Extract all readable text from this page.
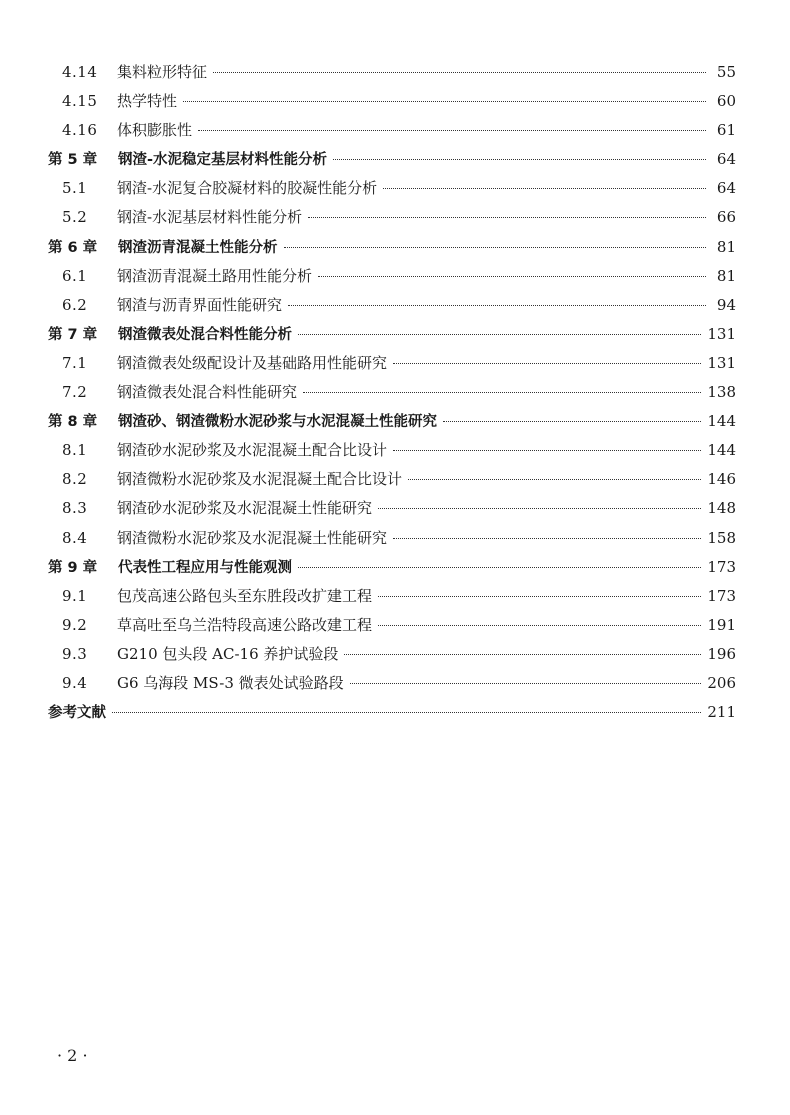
4.14	集料粒形特征	55
4.15	热学特性	60
4.16	体积膨胀性	61
第 5 章	钢渣-水泥稳定基层材料性能分析	64
5.1	钢渣-水泥复合胶凝材料的胶凝性能分析	64
5.2	钢渣-水泥基层材料性能分析	66
第 6 章	钢渣沥青混凝土性能分析	81
6.1	钢渣沥青混凝土路用性能分析	81
6.2	钢渣与沥青界面性能研究	94
第 7 章	钢渣微表处混合料性能分析	131
7.1	钢渣微表处级配设计及基础路用性能研究	131
7.2	钢渣微表处混合料性能研究	138
第 8 章	钢渣砂、钢渣微粉水泥砂浆与水泥混凝土性能研究	144
8.1	钢渣砂水泥砂浆及水泥混凝土配合比设计	144
8.2	钢渣微粉水泥砂浆及水泥混凝土配合比设计	146
8.3	钢渣砂水泥砂浆及水泥混凝土性能研究	148
8.4	钢渣微粉水泥砂浆及水泥混凝土性能研究	158
第 9 章	代表性工程应用与性能观测	173
9.1	包茂高速公路包头至东胜段改扩建工程	173
9.2	草高吐至乌兰浩特段高速公路改建工程	191
9.3	G210 包头段 AC-16 养护试验段	196
9.4	G6 乌海段 MS-3 微表处试验路段	206
参考文献	211
· 2 ·
